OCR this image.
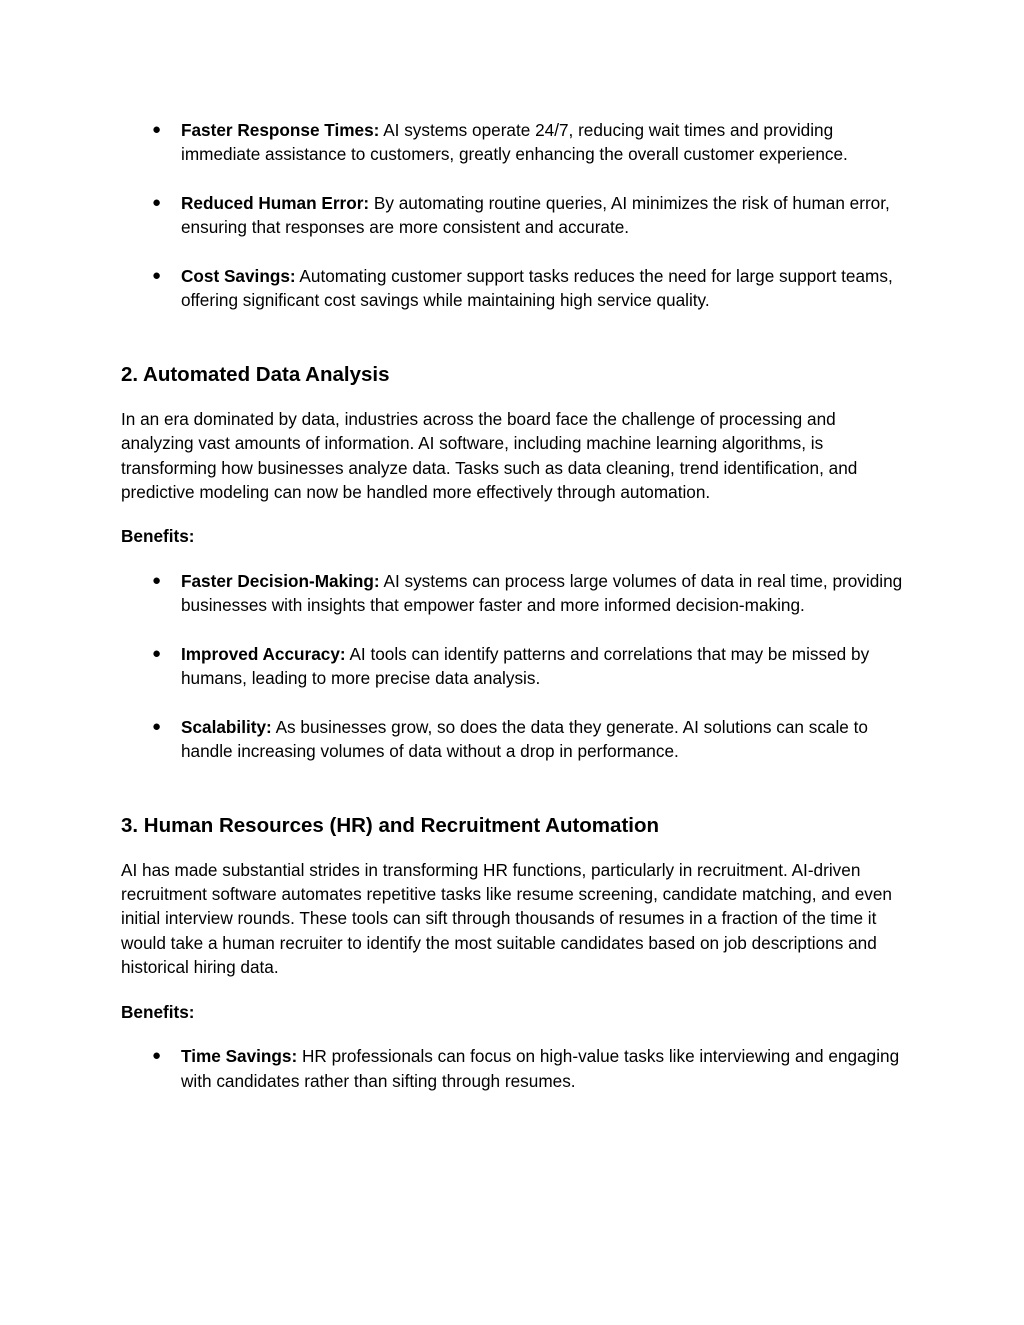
● Faster Response Times: AI systems operate 24/7, reducing wait times and providing immediate assistance to customers, greatly enhancing the overall customer experience.
● Reduced Human Error: By automating routine queries, AI minimizes the risk of human error, ensuring that responses are more consistent and accurate.
● Cost Savings: Automating customer support tasks reduces the need for large support teams, offering significant cost savings while maintaining high service quality.
2. Automated Data Analysis

In an era dominated by data, industries across the board face the challenge of processing and analyzing vast amounts of information. AI software, including machine learning algorithms, is transforming how businesses analyze data. Tasks such as data cleaning, trend identification, and predictive modeling can now be handled more effectively through automation.

Benefits:

● Faster Decision-Making: AI systems can process large volumes of data in real time, providing businesses with insights that empower faster and more informed decision-making.
● Improved Accuracy: AI tools can identify patterns and correlations that may be missed by humans, leading to more precise data analysis.
● Scalability: As businesses grow, so does the data they generate. AI solutions can scale to handle increasing volumes of data without a drop in performance.
3. Human Resources (HR) and Recruitment Automation

AI has made substantial strides in transforming HR functions, particularly in recruitment. AI-driven recruitment software automates repetitive tasks like resume screening, candidate matching, and even initial interview rounds. These tools can sift through thousands of resumes in a fraction of the time it would take a human recruiter to identify the most suitable candidates based on job descriptions and historical hiring data.

Benefits:

● Time Savings: HR professionals can focus on high-value tasks like interviewing and engaging with candidates rather than sifting through resumes.
